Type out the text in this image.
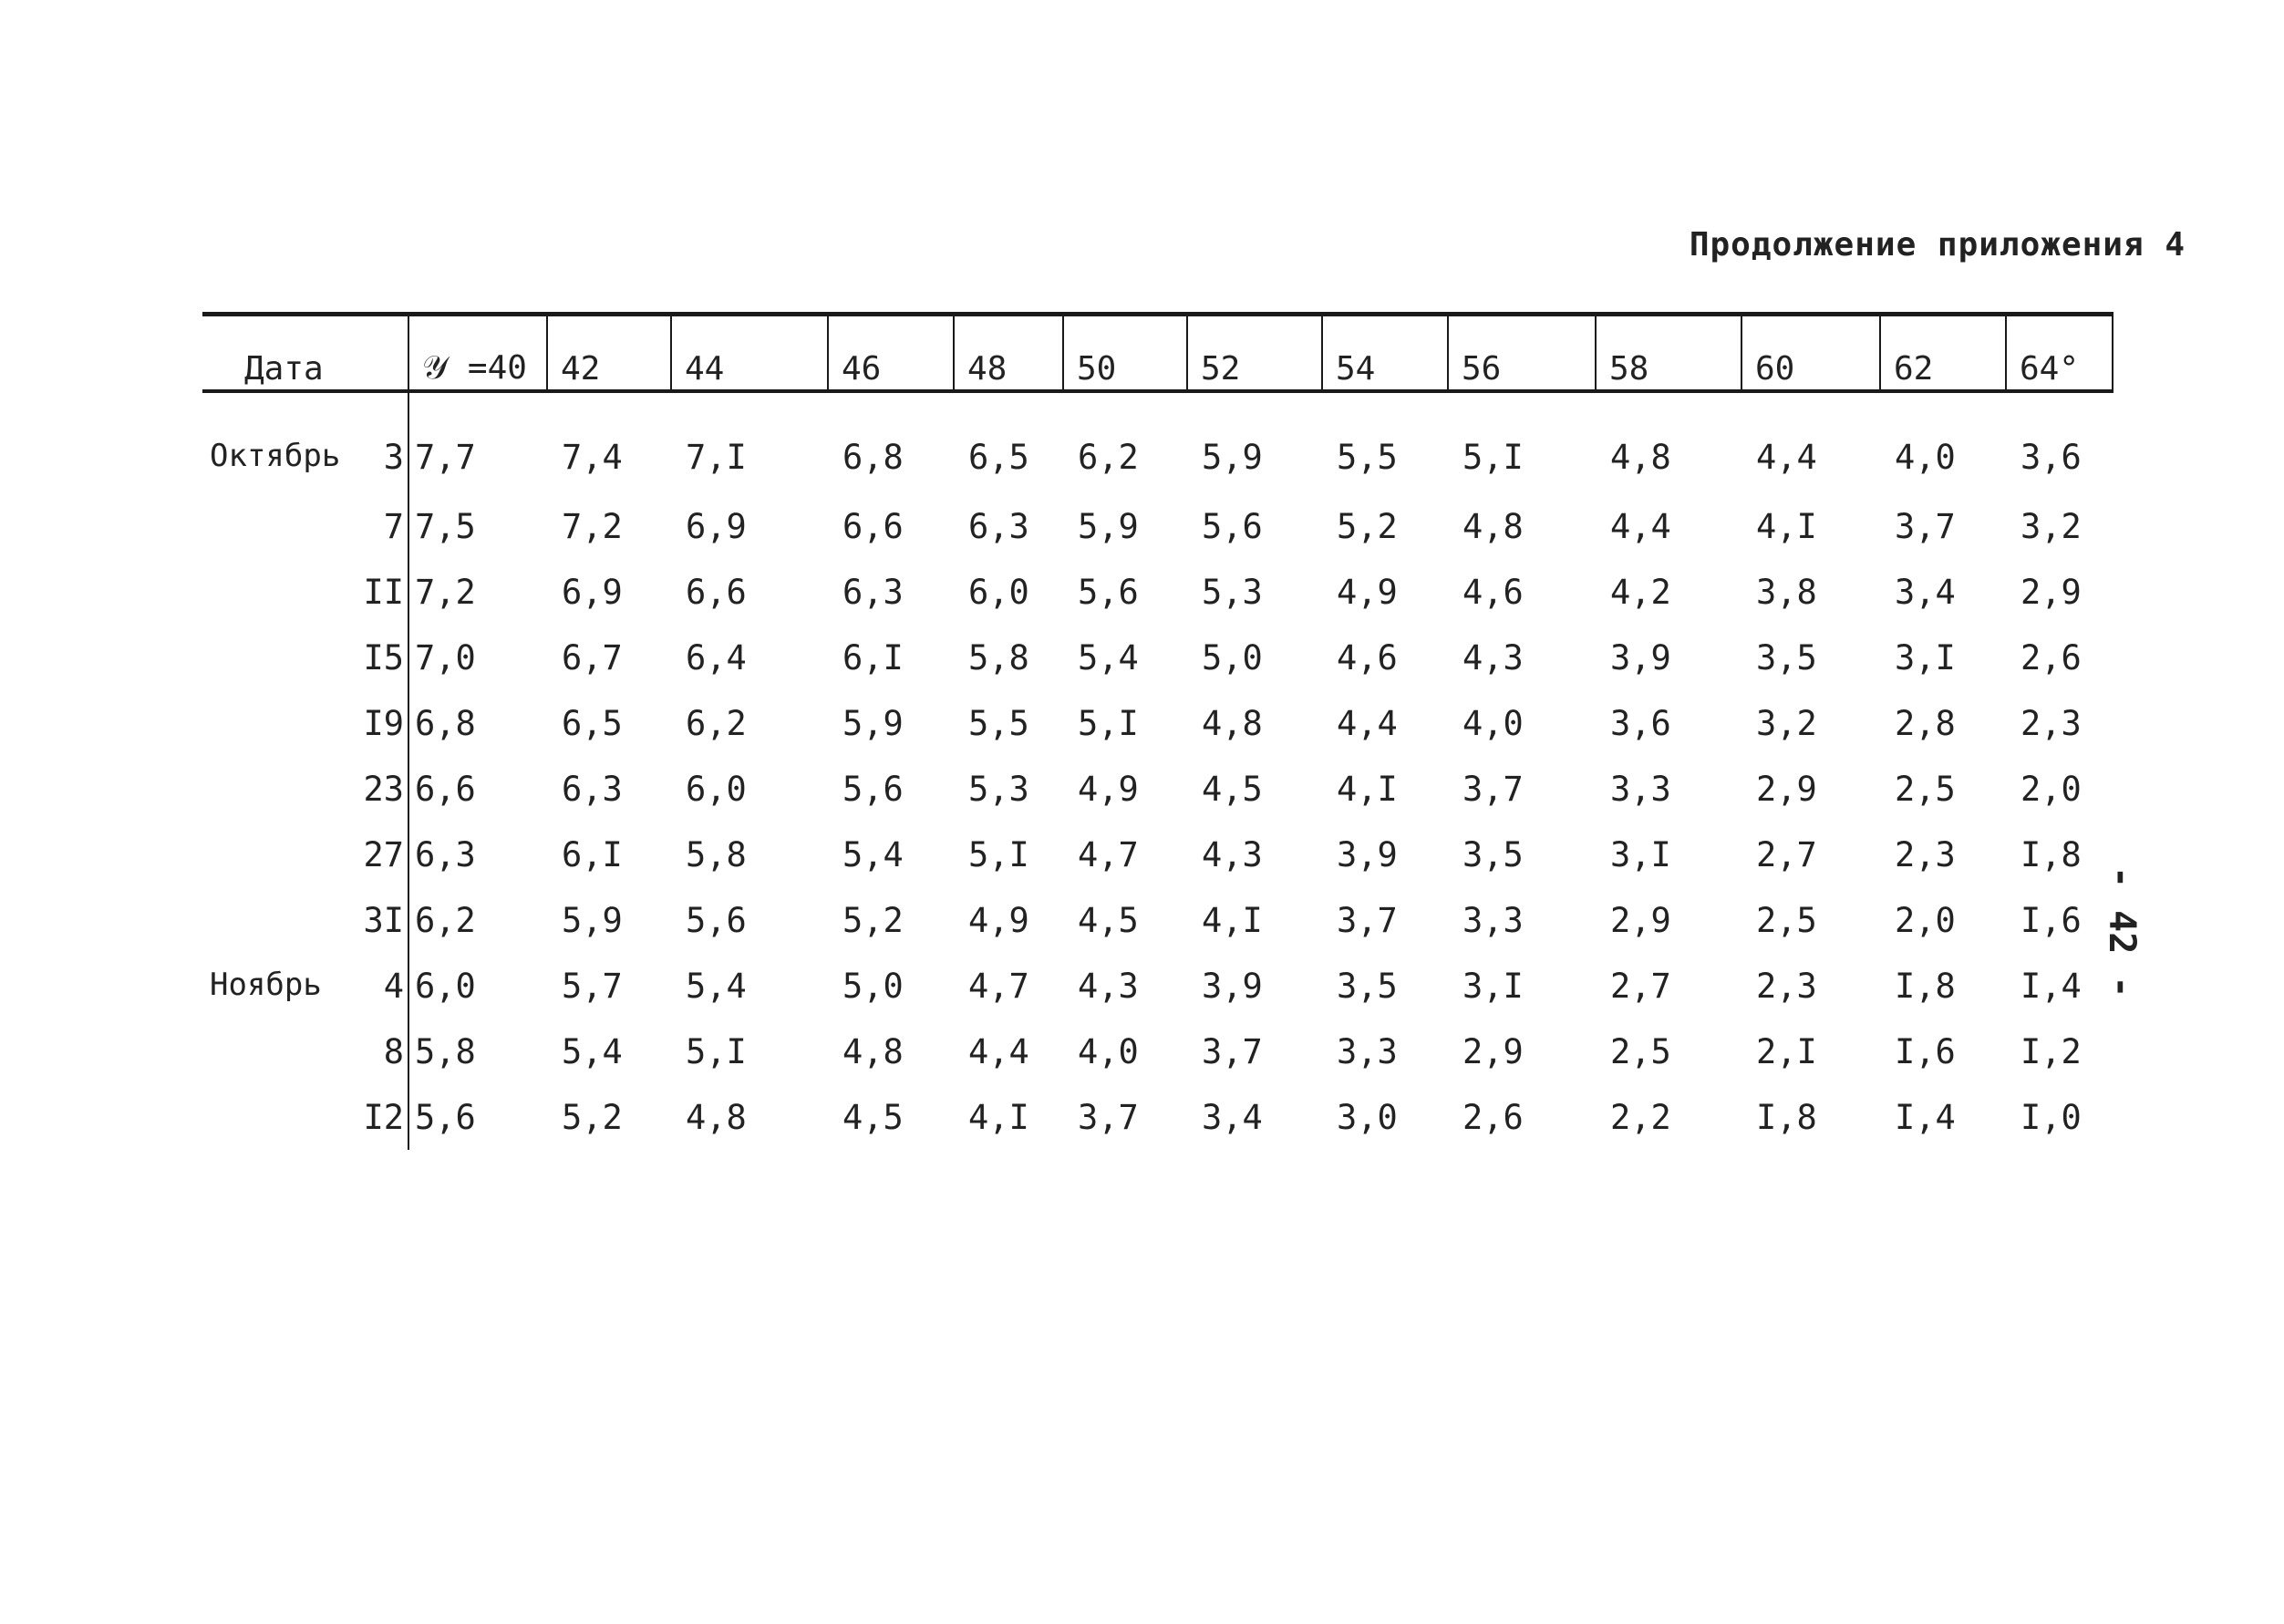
Продолжение приложения 4
- 42 -
Дата	𝒴 =40	42	44	46	48	50	52	54	56	58	60	62	64°

Октябрь 3	7,7	7,4	7,I	6,8	6,5	6,2	5,9	5,5	5,I	4,8	4,4	4,0	3,6
7	7,5	7,2	6,9	6,6	6,3	5,9	5,6	5,2	4,8	4,4	4,I	3,7	3,2
II	7,2	6,9	6,6	6,3	6,0	5,6	5,3	4,9	4,6	4,2	3,8	3,4	2,9
I5	7,0	6,7	6,4	6,I	5,8	5,4	5,0	4,6	4,3	3,9	3,5	3,I	2,6
I9	6,8	6,5	6,2	5,9	5,5	5,I	4,8	4,4	4,0	3,6	3,2	2,8	2,3
23	6,6	6,3	6,0	5,6	5,3	4,9	4,5	4,I	3,7	3,3	2,9	2,5	2,0
27	6,3	6,I	5,8	5,4	5,I	4,7	4,3	3,9	3,5	3,I	2,7	2,3	I,8
3I	6,2	5,9	5,6	5,2	4,9	4,5	4,I	3,7	3,3	2,9	2,5	2,0	I,6

Ноябрь 4	6,0	5,7	5,4	5,0	4,7	4,3	3,9	3,5	3,I	2,7	2,3	I,8	I,4
8	5,8	5,4	5,I	4,8	4,4	4,0	3,7	3,3	2,9	2,5	2,I	I,6	I,2
I2	5,6	5,2	4,8	4,5	4,I	3,7	3,4	3,0	2,6	2,2	I,8	I,4	I,0
